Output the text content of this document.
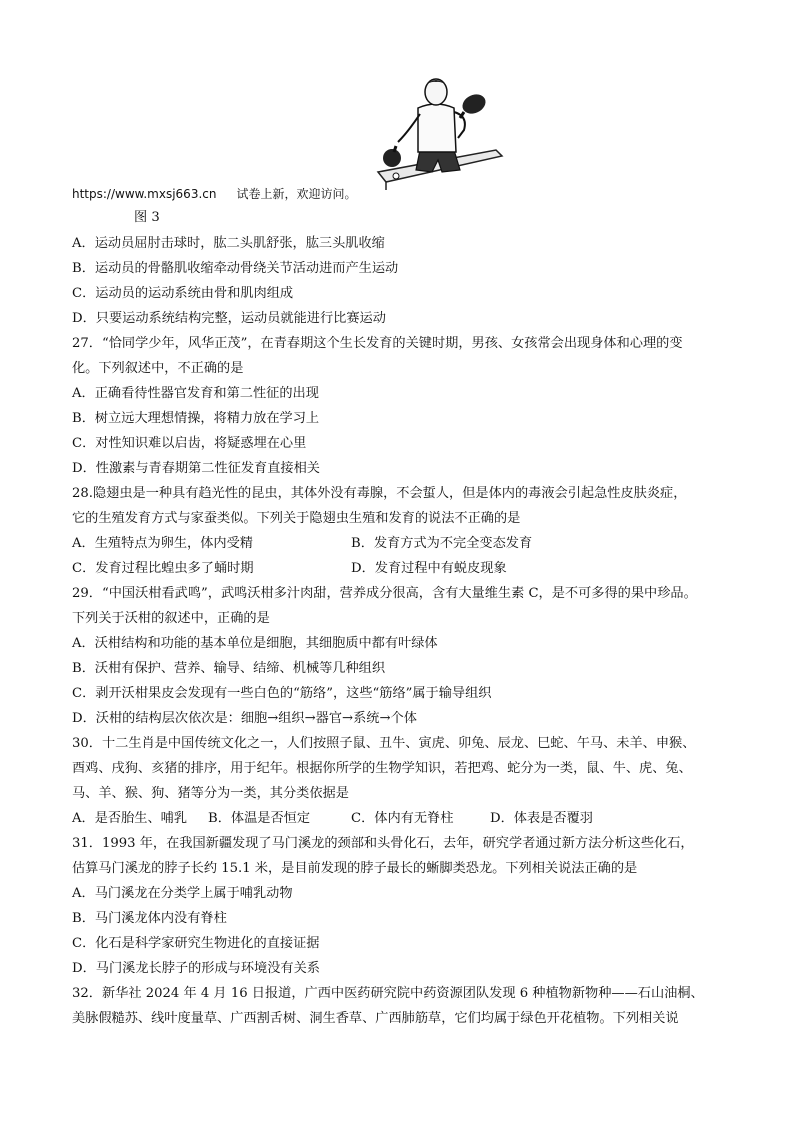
https://www.mxsj663.cn 试卷上新，欢迎访问。
图 3
A．运动员屈肘击球时，肱二头肌舒张，肱三头肌收缩
B．运动员的骨骼肌收缩牵动骨绕关节活动进而产生运动
C．运动员的运动系统由骨和肌肉组成
D．只要运动系统结构完整，运动员就能进行比赛运动
27．“恰同学少年，风华正茂”，在青春期这个生长发育的关键时期，男孩、女孩常会出现身体和心理的变
化。下列叙述中，不正确的是
A．正确看待性器官发育和第二性征的出现
B．树立远大理想情操，将精力放在学习上
C．对性知识难以启齿，将疑惑埋在心里
D．性激素与青春期第二性征发育直接相关
28.隐翅虫是一种具有趋光性的昆虫，其体外没有毒腺，不会蜇人，但是体内的毒液会引起急性皮肤炎症，
它的生殖发育方式与家蚕类似。下列关于隐翅虫生殖和发育的说法不正确的是
A．生殖特点为卵生，体内受精	B．发育方式为不完全变态发育
C．发育过程比蝗虫多了蛹时期	D．发育过程中有蜕皮现象
29．“中国沃柑看武鸣”，武鸣沃柑多汁肉甜，营养成分很高，含有大量维生素 C，是不可多得的果中珍品。
下列关于沃柑的叙述中，正确的是
A．沃柑结构和功能的基本单位是细胞，其细胞质中都有叶绿体
B．沃柑有保护、营养、输导、结缔、机械等几种组织
C．剥开沃柑果皮会发现有一些白色的“筋络”，这些“筋络”属于输导组织
D．沃柑的结构层次依次是：细胞→组织→器官→系统→个体
30．十二生肖是中国传统文化之一，人们按照子鼠、丑牛、寅虎、卯兔、辰龙、巳蛇、午马、未羊、申猴、
酉鸡、戌狗、亥猪的排序，用于纪年。根据你所学的生物学知识，若把鸡、蛇分为一类，鼠、牛、虎、兔、
马、羊、猴、狗、猪等分为一类，其分类依据是
A．是否胎生、哺乳 B．体温是否恒定	C．体内有无脊柱	D．体表是否覆羽
31．1993 年，在我国新疆发现了马门溪龙的颈部和头骨化石，去年，研究学者通过新方法分析这些化石，
估算马门溪龙的脖子长约 15.1 米，是目前发现的脖子最长的蜥脚类恐龙。下列相关说法正确的是
A．马门溪龙在分类学上属于哺乳动物
B．马门溪龙体内没有脊柱
C．化石是科学家研究生物进化的直接证据
D．马门溪龙长脖子的形成与环境没有关系
32．新华社 2024 年 4 月 16 日报道，广西中医药研究院中药资源团队发现 6 种植物新物种——石山油桐、
美脉假糙苏、线叶度量草、广西割舌树、洞生香草、广西肺筋草，它们均属于绿色开花植物。下列相关说
